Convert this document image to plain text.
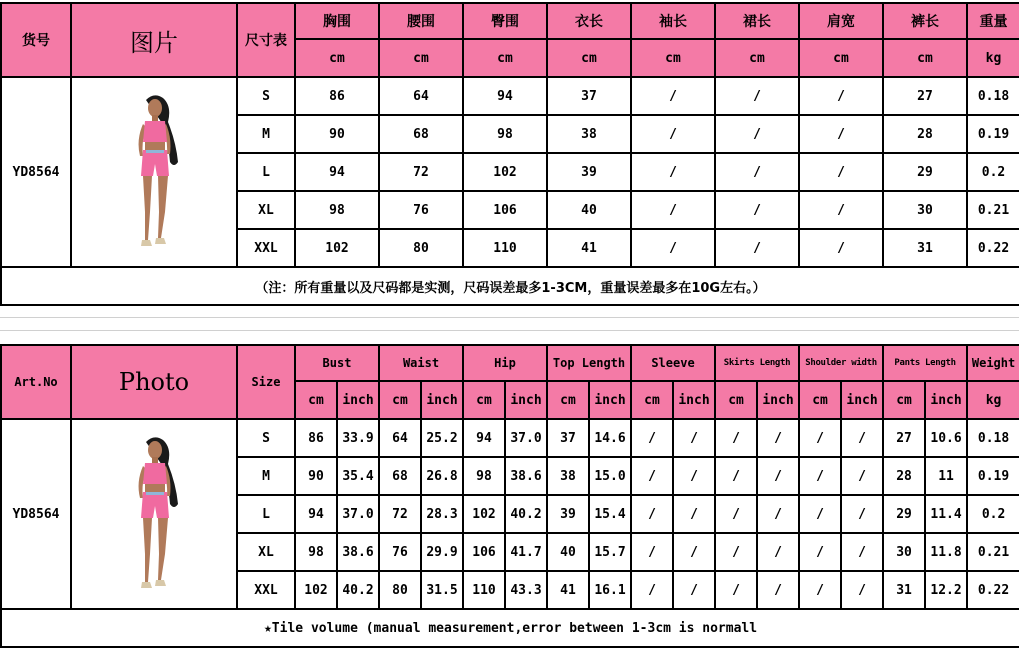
货号	图片	尺寸表	胸围	腰围	臀围	衣长	袖长	裙长	肩宽	裤长	重量
			cm	cm	cm	cm	cm	cm	cm	cm	kg
YD8564		S	86	64	94	37	/	/	/	27	0.18
		M	90	68	98	38	/	/	/	28	0.19
		L	94	72	102	39	/	/	/	29	0.2
		XL	98	76	106	40	/	/	/	30	0.21
		XXL	102	80	110	41	/	/	/	31	0.22
（注：所有重量以及尺码都是实测，尺码误差最多1-3CM，重量误差最多在10G左右。）											
Art.No	Photo	Size	Bust		Waist		Hip		Top Length		Sleeve		Skirts Length		Shoulder width		Pants Length		Weight
			cm	inch	cm	inch	cm	inch	cm	inch	cm	inch	cm	inch	cm	inch	cm	inch	kg
YD8564		S	86	33.9	64	25.2	94	37.0	37	14.6	/	/	/	/	/	/	27	10.6	0.18
		M	90	35.4	68	26.8	98	38.6	38	15.0	/	/	/	/	/	/	28	11	0.19
		L	94	37.0	72	28.3	102	40.2	39	15.4	/	/	/	/	/	/	29	11.4	0.2
		XL	98	38.6	76	29.9	106	41.7	40	15.7	/	/	/	/	/	/	30	11.8	0.21
		XXL	102	40.2	80	31.5	110	43.3	41	16.1	/	/	/	/	/	/	31	12.2	0.22
★Tile volume (manual measurement,error between 1-3cm is normall																			
